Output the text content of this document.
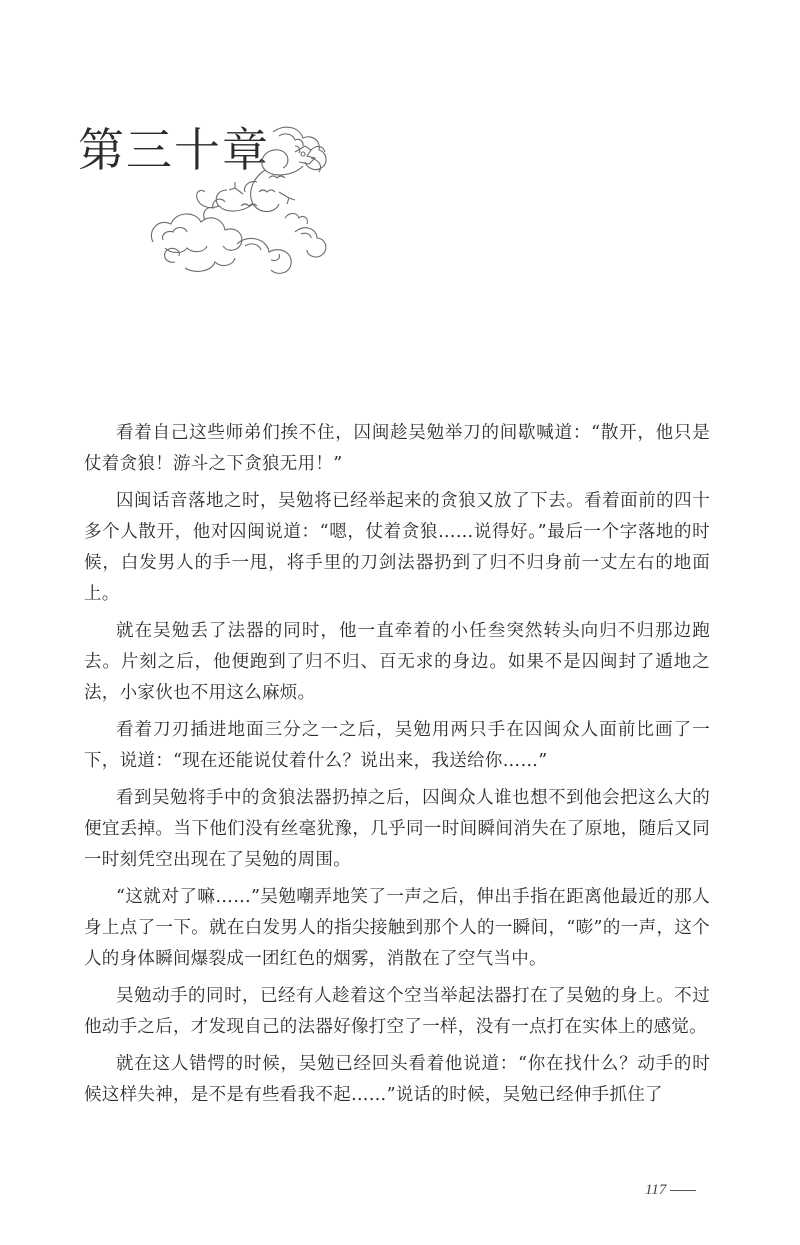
第三十章

看着自己这些师弟们挨不住，囚闽趁吴勉举刀的间歇喊道：“散开，他只是仗着贪狼！游斗之下贪狼无用！”

囚闽话音落地之时，吴勉将已经举起来的贪狼又放了下去。看着面前的四十多个人散开，他对囚闽说道：“嗯，仗着贪狼……说得好。”最后一个字落地的时候，白发男人的手一甩，将手里的刀剑法器扔到了归不归身前一丈左右的地面上。

就在吴勉丢了法器的同时，他一直牵着的小任叁突然转头向归不归那边跑去。片刻之后，他便跑到了归不归、百无求的身边。如果不是囚闽封了遁地之法，小家伙也不用这么麻烦。

看着刀刃插进地面三分之一之后，吴勉用两只手在囚闽众人面前比画了一下，说道：“现在还能说仗着什么？说出来，我送给你……”

看到吴勉将手中的贪狼法器扔掉之后，囚闽众人谁也想不到他会把这么大的便宜丢掉。当下他们没有丝毫犹豫，几乎同一时间瞬间消失在了原地，随后又同一时刻凭空出现在了吴勉的周围。

“这就对了嘛……”吴勉嘲弄地笑了一声之后，伸出手指在距离他最近的那人身上点了一下。就在白发男人的指尖接触到那个人的一瞬间，“嘭”的一声，这个人的身体瞬间爆裂成一团红色的烟雾，消散在了空气当中。

吴勉动手的同时，已经有人趁着这个空当举起法器打在了吴勉的身上。不过他动手之后，才发现自己的法器好像打空了一样，没有一点打在实体上的感觉。

就在这人错愕的时候，吴勉已经回头看着他说道：“你在找什么？动手的时候这样失神，是不是有些看我不起……”说话的时候，吴勉已经伸手抓住了

117
